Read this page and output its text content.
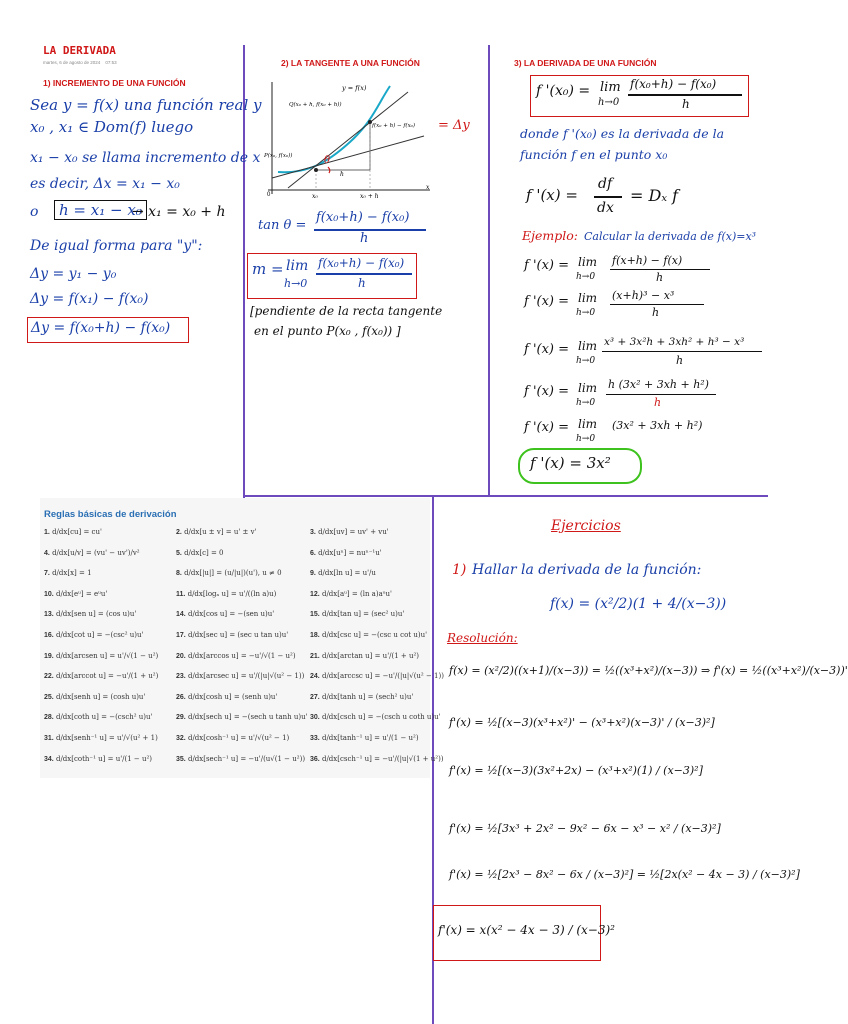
LA DERIVADA
martes, 6 de agosto de 2024 07:53
1) INCREMENTO DE UNA FUNCIÓN
Sea y = f(x) una función real y
x₀ , x₁ ∈ Dom(f) luego
x₁ − x₀ se llama incremento de x
es decir, Δx = x₁ − x₀
o	h = x₁ − x₀
→ x₁ = x₀ + h
De igual forma para "y":
Δy = y₁ − y₀
Δy = f(x₁) − f(x₀)
Δy = f(x₀+h) − f(x₀)
2) LA TANGENTE A UNA FUNCIÓN
y = f(x)
Q(x₀ + h, f(x₀ + h))
f(x₀ + h) − f(x₀) = Δy
P(x₀, f(x₀))	θ
h
0	x₀	x₀ + h
x
tan θ =
f(x₀+h) − f(x₀)
h
m = lim
h→0
f(x₀+h) − f(x₀)
h
[pendiente de la recta tangente
en el punto P(x₀ , f(x₀)) ]
3) LA DERIVADA DE UNA FUNCIÓN
f '(x₀) = lim
h→0
f(x₀+h) − f(x₀)
h
donde f '(x₀) es la derivada de la
función f en el punto x₀
f '(x) =
df
dx
= Dₓ f
Ejemplo: Calcular la derivada de f(x)=x³
f '(x) = lim
h→0
f(x+h) − f(x)
h
f '(x) = lim
h→0
(x+h)³ − x³
h
f '(x) = lim
h→0
x³ + 3x²h + 3xh² + h³ − x³
h
f '(x) = lim
h→0
h (3x² + 3xh + h²)
h
f '(x) = lim
h→0
(3x² + 3xh + h²)
f '(x) = 3x²
Reglas básicas de derivación
1. d/dx[cu] = cu'	2. d/dx[u ± v] = u' ± v'	3. d/dx[uv] = uv' + vu'
4. d/dx[u/v] = (vu' − uv')/v²	5. d/dx[c] = 0	6. d/dx[uⁿ] = nuⁿ⁻¹u'
7. d/dx[x] = 1	8. d/dx[|u|] = (u/|u|)(u'), u ≠ 0	9. d/dx[ln u] = u'/u
10. d/dx[eᵘ] = eᵘu'	11. d/dx[logₐ u] = u'/((ln a)u)	12. d/dx[aᵘ] = (ln a)aᵘu'
13. d/dx[sen u] = (cos u)u'	14. d/dx[cos u] = −(sen u)u'	15. d/dx[tan u] = (sec² u)u'
16. d/dx[cot u] = −(csc² u)u'	17. d/dx[sec u] = (sec u tan u)u'	18. d/dx[csc u] = −(csc u cot u)u'
19. d/dx[arcsen u] = u'/√(1 − u²)	20. d/dx[arccos u] = −u'/√(1 − u²) 21. d/dx[arctan u] = u'/(1 + u²)
22. d/dx[arccot u] = −u'/(1 + u²)	23. d/dx[arcsec u] = u'/(|u|√(u² − 1)) 24. d/dx[arccsc u] = −u'/(|u|√(u² − 1))
25. d/dx[senh u] = (cosh u)u'	26. d/dx[cosh u] = (senh u)u'	27. d/dx[tanh u] = (sech² u)u'
28. d/dx[coth u] = −(csch² u)u'	29. d/dx[sech u] = −(sech u tanh u)u' 30. d/dx[csch u] = −(csch u coth u)u'
31. d/dx[senh⁻¹ u] = u'/√(u² + 1)	32. d/dx[cosh⁻¹ u] = u'/√(u² − 1)	33. d/dx[tanh⁻¹ u] = u'/(1 − u²)
34. d/dx[coth⁻¹ u] = u'/(1 − u²)	35. d/dx[sech⁻¹ u] = −u'/(u√(1 − u²)) 36. d/dx[csch⁻¹ u] = −u'/(|u|√(1 + u²))
Ejercicios
1) Hallar la derivada de la función:
f(x) = (x²/2)(1 + 4/(x−3))
Resolución:
f(x) = (x²/2)((x+1)/(x−3)) = ½((x³+x²)/(x−3)) ⇒ f'(x) = ½((x³+x²)/(x−3))'
f'(x) = ½[(x−3)(x³+x²)' − (x³+x²)(x−3)' / (x−3)²]
f'(x) = ½[(x−3)(3x²+2x) − (x³+x²)(1) / (x−3)²]
f'(x) = ½[3x³ + 2x² − 9x² − 6x − x³ − x² / (x−3)²]
f'(x) = ½[2x³ − 8x² − 6x / (x−3)²] = ½[2x(x² − 4x − 3) / (x−3)²]
f'(x) = x(x² − 4x − 3) / (x−3)²
